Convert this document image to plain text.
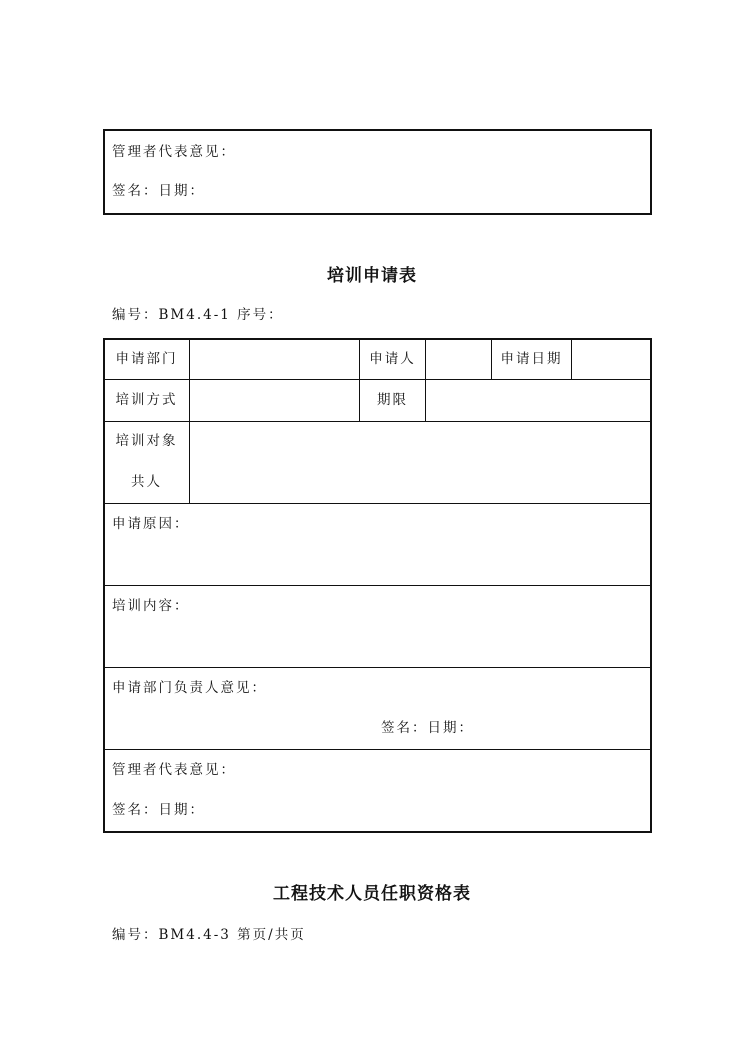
管理者代表意见：
签名：日期：
培训申请表
编号：BM4.4-1 序号：
申请部门	申请人	申请日期
培训方式	期限
培训对象
共人
申请原因：
培训内容：
申请部门负责人意见：
签名：日期：
管理者代表意见：
签名：日期：
工程技术人员任职资格表
编号：BM4.4-3 第页/共页
